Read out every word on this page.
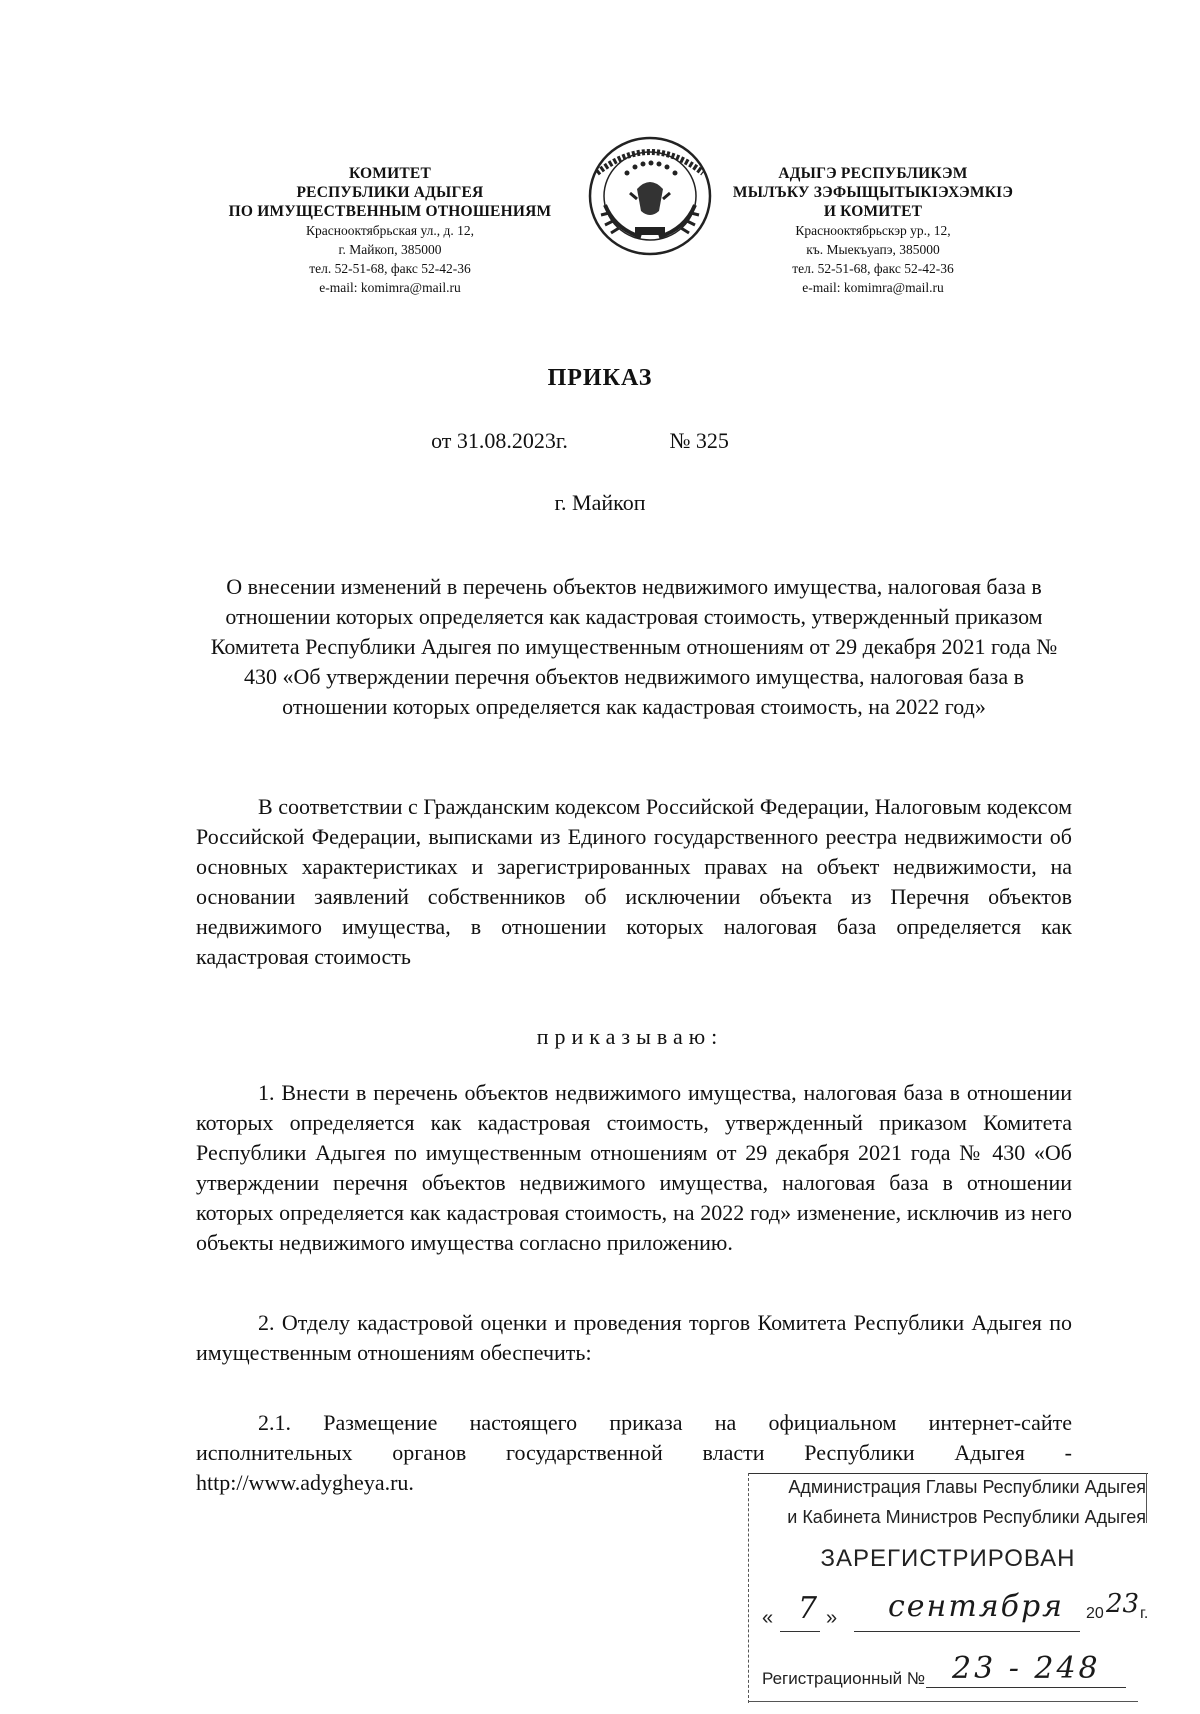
КОМИТЕТ
РЕСПУБЛИКИ АДЫГЕЯ
ПО ИМУЩЕСТВЕННЫМ ОТНОШЕНИЯМ
Красноoктябрьская ул., д. 12,
г. Майкоп, 385000
тел. 52-51-68, факс 52-42-36
e-mail: komimra@mail.ru
АДЫГЭ РЕСПУБЛИКЭМ
МЫЛЪКУ ЗЭФЫЩЫТЫКIЭХЭМКIЭ
И КОМИТЕТ
Краснооктябрьскэр ур., 12,
къ. Мыекъуапэ, 385000
тел. 52-51-68, факс 52-42-36
e-mail: komimra@mail.ru
ПРИКАЗ
от 31.08.2023г.	№ 325
г. Майкоп
О внесении изменений в перечень объектов недвижимого имущества, налоговая база в отношении которых определяется как кадастровая стоимость, утвержденный приказом Комитета Республики Адыгея по имущественным отношениям от 29 декабря 2021 года № 430 «Об утверждении перечня объектов недвижимого имущества, налоговая база в отношении которых определяется как кадастровая стоимость, на 2022 год»
В соответствии с Гражданским кодексом Российской Федерации, Налоговым кодексом Российской Федерации, выписками из Единого государственного реестра недвижимости об основных характеристиках и зарегистрированных правах на объект недвижимости, на основании заявлений собственников об исключении объекта из Перечня объектов недвижимого имущества, в отношении которых налоговая база определяется как кадастровая стоимость
приказываю:
1. Внести в перечень объектов недвижимого имущества, налоговая база в отношении которых определяется как кадастровая стоимость, утвержденный приказом Комитета Республики Адыгея по имущественным отношениям от 29 декабря 2021 года № 430 «Об утверждении перечня объектов недвижимого имущества, налоговая база в отношении которых определяется как кадастровая стоимость, на 2022 год» изменение, исключив из него объекты недвижимого имущества согласно приложению.
2. Отделу кадастровой оценки и проведения торгов Комитета Республики Адыгея по имущественным отношениям обеспечить:
2.1. Размещение настоящего приказа на официальном интернет-сайте исполнительных органов государственной власти Республики Адыгея - http://www.adygheya.ru.	Администрация Главы Республики Адыгея
и Кабинета Министров Республики Адыгея
ЗАРЕГИСТРИРОВАН
« 7 » сентября 20 23 г.
Регистрационный № 23 - 248
